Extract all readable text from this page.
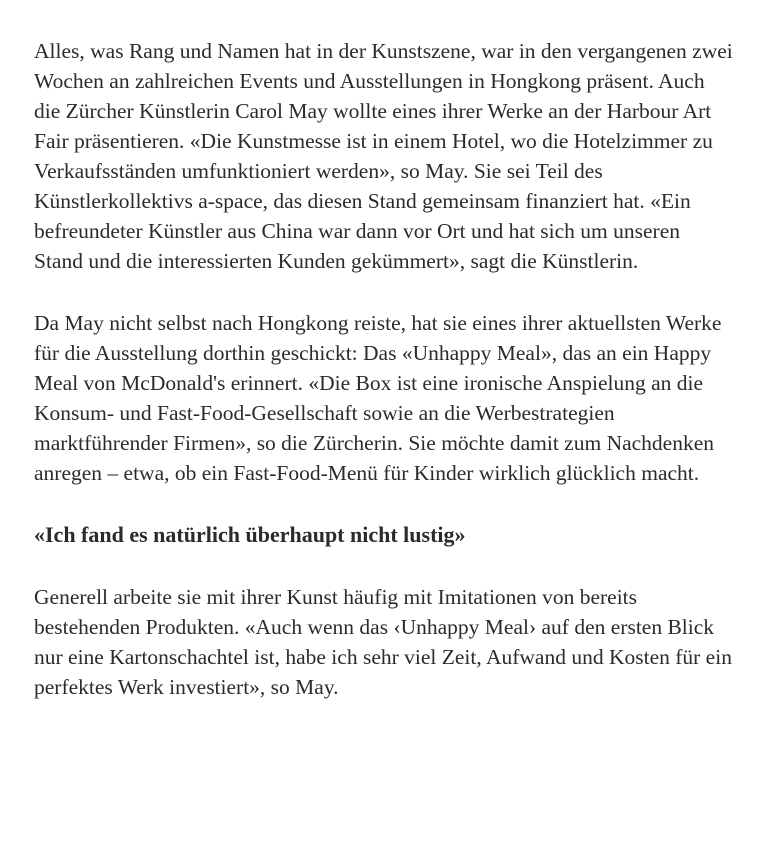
Alles, was Rang und Namen hat in der Kunstszene, war in den vergangenen zwei Wochen an zahlreichen Events und Ausstellungen in Hongkong präsent. Auch die Zürcher Künstlerin Carol May wollte eines ihrer Werke an der Harbour Art Fair präsentieren. «Die Kunstmesse ist in einem Hotel, wo die Hotelzimmer zu Verkaufsständen umfunktioniert werden», so May. Sie sei Teil des Künstlerkollektivs a-space, das diesen Stand gemeinsam finanziert hat. «Ein befreundeter Künstler aus China war dann vor Ort und hat sich um unseren Stand und die interessierten Kunden gekümmert», sagt die Künstlerin.

Da May nicht selbst nach Hongkong reiste, hat sie eines ihrer aktuellsten Werke für die Ausstellung dorthin geschickt: Das «Unhappy Meal», das an ein Happy Meal von McDonald's erinnert. «Die Box ist eine ironische Anspielung an die Konsum- und Fast-Food-Gesellschaft sowie an die Werbestrategien marktführender Firmen», so die Zürcherin. Sie möchte damit zum Nachdenken anregen – etwa, ob ein Fast-Food-Menü für Kinder wirklich glücklich macht.

«Ich fand es natürlich überhaupt nicht lustig»

Generell arbeite sie mit ihrer Kunst häufig mit Imitationen von bereits bestehenden Produkten. «Auch wenn das ‹Unhappy Meal› auf den ersten Blick nur eine Kartonschachtel ist, habe ich sehr viel Zeit, Aufwand und Kosten für ein perfektes Werk investiert», so May.
